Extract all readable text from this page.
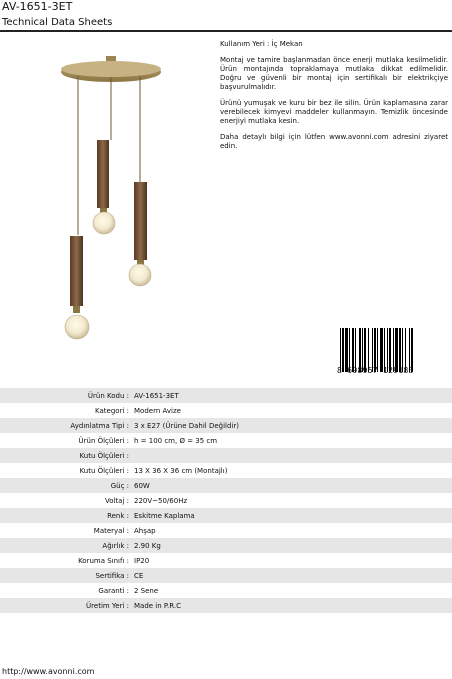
AV-1651-3ET
Technical Data Sheets

Kullanım Yeri : İç Mekan

Montaj ve tamire başlanmadan önce enerji mutlaka kesilmelidir. Ürün montajında topraklamaya mutlaka dikkat edilmelidir. Doğru ve güvenli bir montaj için sertifikalı bir elektrikçiye başvurulmalıdır.

Ürünü yumuşak ve kuru bir bez ile silin. Ürün kaplamasına zarar verebilecek kimyevi maddeler kullanmayın. Temizlik öncesinde enerjiyi mutlaka kesin.

Daha detaylı bilgi için lütfen www.avonni.com adresini ziyaret edin.

8 698957 129183
Ürün Kodu : AV-1651-3ET
Kategori : Modern Avize
Aydınlatma Tipi : 3 x E27 (Ürüne Dahil Değildir)
Ürün Ölçüleri : h = 100 cm, Ø = 35 cm
Kutu Ölçüleri :
Kutu Ölçüleri : 13 X 36 X 36 cm (Montajlı)
Güç : 60W
Voltaj : 220V~50/60Hz
Renk : Eskitme Kaplama
Materyal : Ahşap
Ağırlık : 2.90 Kg
Koruma Sınıfı : IP20
Sertifika : CE
Garanti : 2 Sene
Üretim Yeri : Made in P.R.C
http://www.avonni.com
